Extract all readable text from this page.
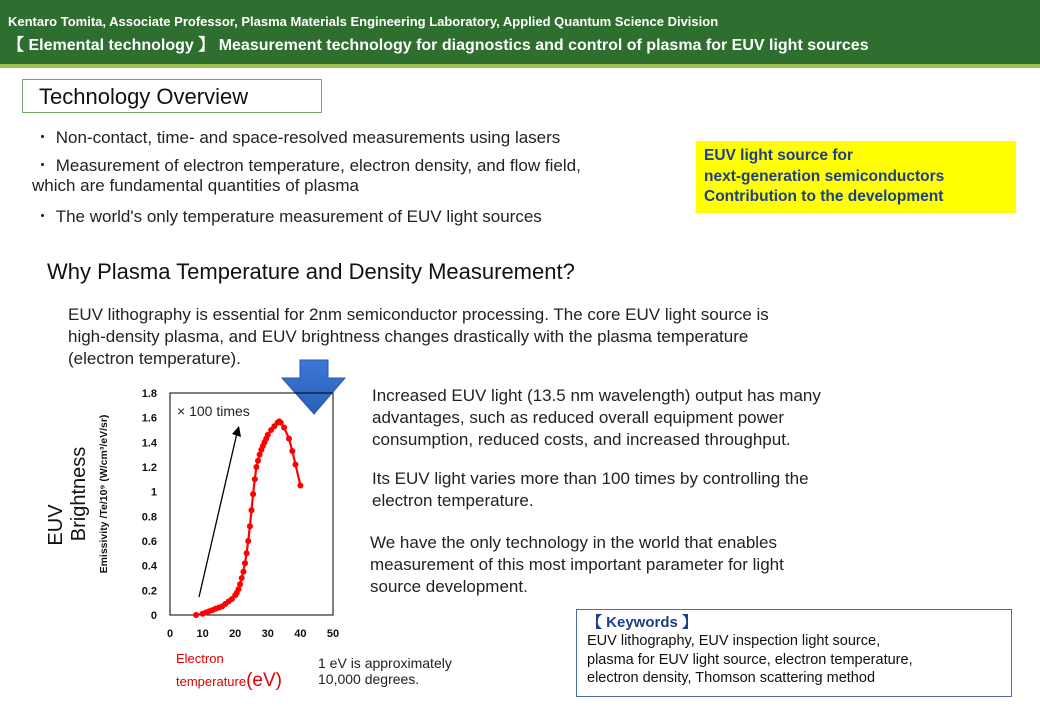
Kentaro Tomita, Associate Professor, Plasma Materials Engineering Laboratory, Applied Quantum Science Division
【 Elemental technology 】 Measurement technology for diagnostics and control of plasma for EUV light sources
Technology Overview
・ Non-contact, time- and space-resolved measurements using lasers
・ Measurement of electron temperature, electron density, and flow field,
which are fundamental quantities of plasma
・ The world's only temperature measurement of EUV light sources
EUV light source for
next-generation semiconductors
Contribution to the development
Why Plasma Temperature and Density Measurement?
EUV lithography is essential for 2nm semiconductor processing. The core EUV light source is
high-density plasma, and EUV brightness changes drastically with the plasma temperature
(electron temperature).
0
0.2
0.4
0.6
0.8
1
1.2
1.4
1.6
1.8
0 10 20 30 40 50
× 100 times
Emissivity /Te/10⁹ (W/cm³/eV/sr)
EUV Brightness
Increased EUV light (13.5 nm wavelength) output has many
advantages, such as reduced overall equipment power
consumption, reduced costs, and increased throughput.
Its EUV light varies more than 100 times by controlling the
electron temperature.
We have the only technology in the world that enables
measurement of this most important parameter for light
source development.
Electron
temperature(eV)
1 eV is approximately
10,000 degrees.
【 Keywords 】
EUV lithography, EUV inspection light source,
plasma for EUV light source, electron temperature,
electron density, Thomson scattering method
